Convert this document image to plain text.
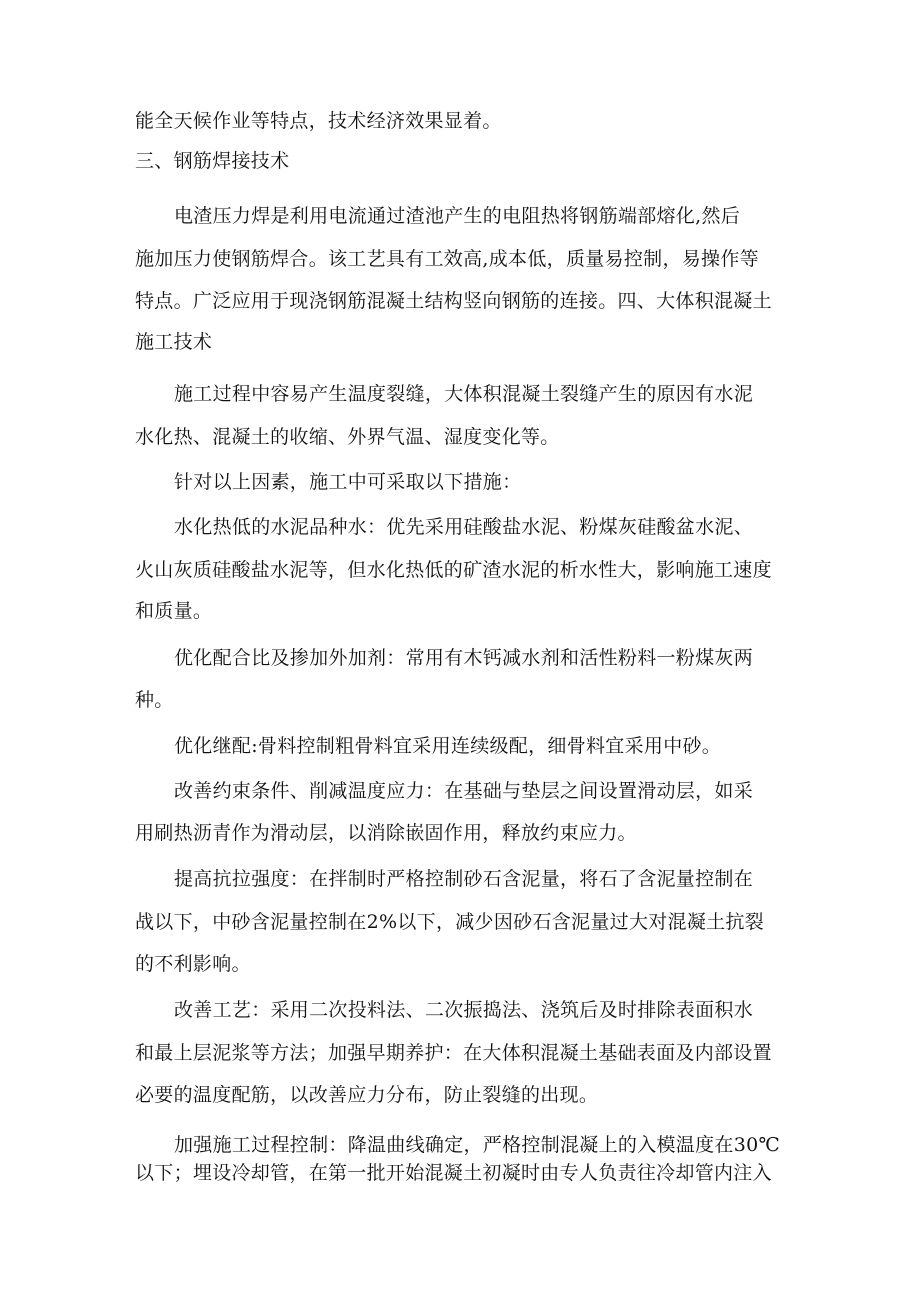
能全天候作业等特点，技术经济效果显着。
三、钢筋焊接技术
电渣压力焊是利用电流通过渣池产生的电阻热将钢筋端部熔化,然后
施加压力使钢筋焊合。该工艺具有工效高,成本低，质量易控制，易操作等
特点。广泛应用于现浇钢筋混凝土结构竖向钢筋的连接。四、大体积混凝土
施工技术
施工过程中容易产生温度裂缝，大体积混凝土裂缝产生的原因有水泥
水化热、混凝土的收缩、外界气温、湿度变化等。
针对以上因素，施工中可采取以下措施：
水化热低的水泥品种水：优先采用硅酸盐水泥、粉煤灰硅酸盆水泥、
火山灰质硅酸盐水泥等，但水化热低的矿渣水泥的析水性大，影响施工速度
和质量。
优化配合比及掺加外加剂：常用有木钙减水剂和活性粉料一粉煤灰两
种。
优化继配:骨料控制粗骨料宜采用连续级配，细骨料宜采用中砂。
改善约束条件、削减温度应力：在基础与垫层之间设置滑动层，如采
用刷热沥青作为滑动层，以消除嵌固作用，释放约束应力。
提高抗拉强度：在拌制时严格控制砂石含泥量，将石了含泥量控制在
战以下，中砂含泥量控制在2%以下，减少因砂石含泥量过大对混凝土抗裂
的不利影响。
改善工艺：采用二次投料法、二次振捣法、浇筑后及时排除表面积水
和最上层泥浆等方法；加强早期养护：在大体积混凝土基础表面及内部设置
必要的温度配筋，以改善应力分布，防止裂缝的出现。
加强施工过程控制：降温曲线确定，严格控制混凝上的入模温度在30℃
以下；埋设冷却管，在第一批开始混凝土初凝时由专人负责往冷却管内注入
